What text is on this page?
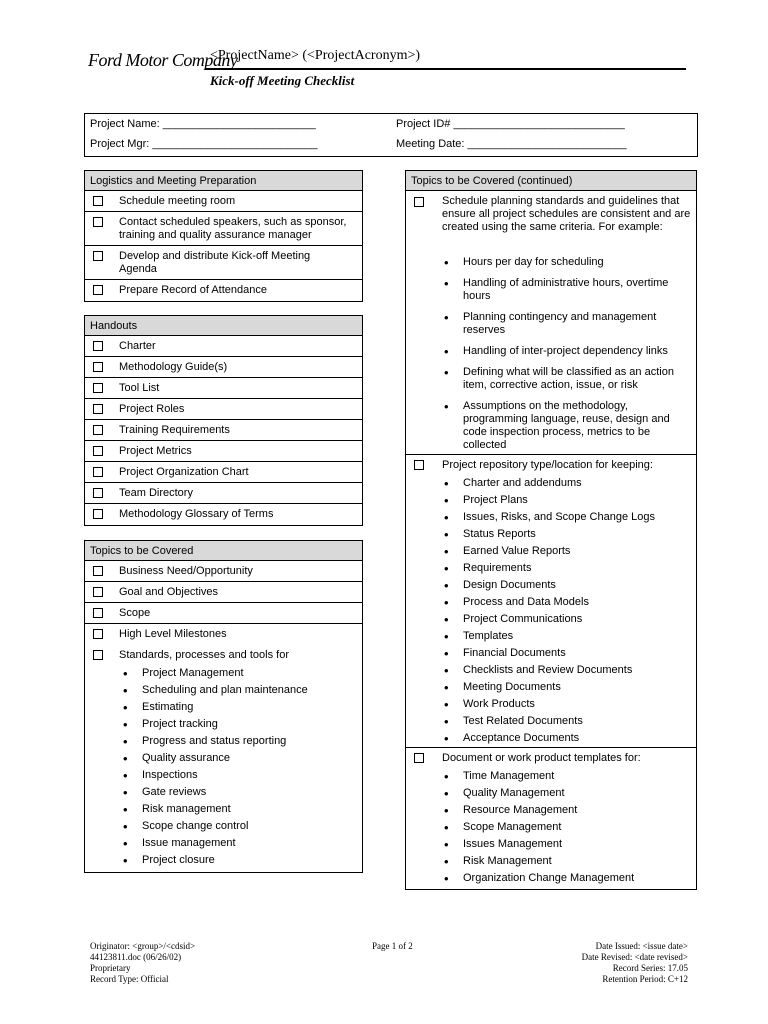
Ford Motor Company
<ProjectName> (<ProjectAcronym>)
Kick-off Meeting Checklist
Project Name: _________________________	Project ID# ____________________________
Project Mgr: ___________________________	Meeting Date: __________________________
Logistics and Meeting Preparation
Schedule meeting room
Contact scheduled speakers, such as sponsor, training and quality assurance manager
Develop and distribute Kick-off Meeting Agenda
Prepare Record of Attendance
Handouts
Charter
Methodology Guide(s)
Tool List
Project Roles
Training Requirements
Project Metrics
Project Organization Chart
Team Directory
Methodology Glossary of Terms
Topics to be Covered
Business Need/Opportunity
Goal and Objectives
Scope
High Level Milestones
Standards, processes and tools for
• Project Management
• Scheduling and plan maintenance
• Estimating
• Project tracking
• Progress and status reporting
• Quality assurance
• Inspections
• Gate reviews
• Risk management
• Scope change control
• Issue management
• Project closure
Topics to be Covered (continued)
Schedule planning standards and guidelines that ensure all project schedules are consistent and are created using the same criteria. For example:
• Hours per day for scheduling
• Handling of administrative hours, overtime hours
• Planning contingency and management reserves
• Handling of inter-project dependency links
• Defining what will be classified as an action item, corrective action, issue, or risk
• Assumptions on the methodology, programming language, reuse, design and code inspection process, metrics to be collected
Project repository type/location for keeping:
• Charter and addendums
• Project Plans
• Issues, Risks, and Scope Change Logs
• Status Reports
• Earned Value Reports
• Requirements
• Design Documents
• Process and Data Models
• Project Communications
• Templates
• Financial Documents
• Checklists and Review Documents
• Meeting Documents
• Work Products
• Test Related Documents
• Acceptance Documents
Document or work product templates for:
• Time Management
• Quality Management
• Resource Management
• Scope Management
• Issues Management
• Risk Management
• Organization Change Management
Originator: <group>/<cdsid>
44123811.doc (06/26/02)
Proprietary
Record Type: Official
Page 1 of 2	Date Issued: <issue date>
Date Revised: <date revised>
Record Series: 17.05
Retention Period: C+12
